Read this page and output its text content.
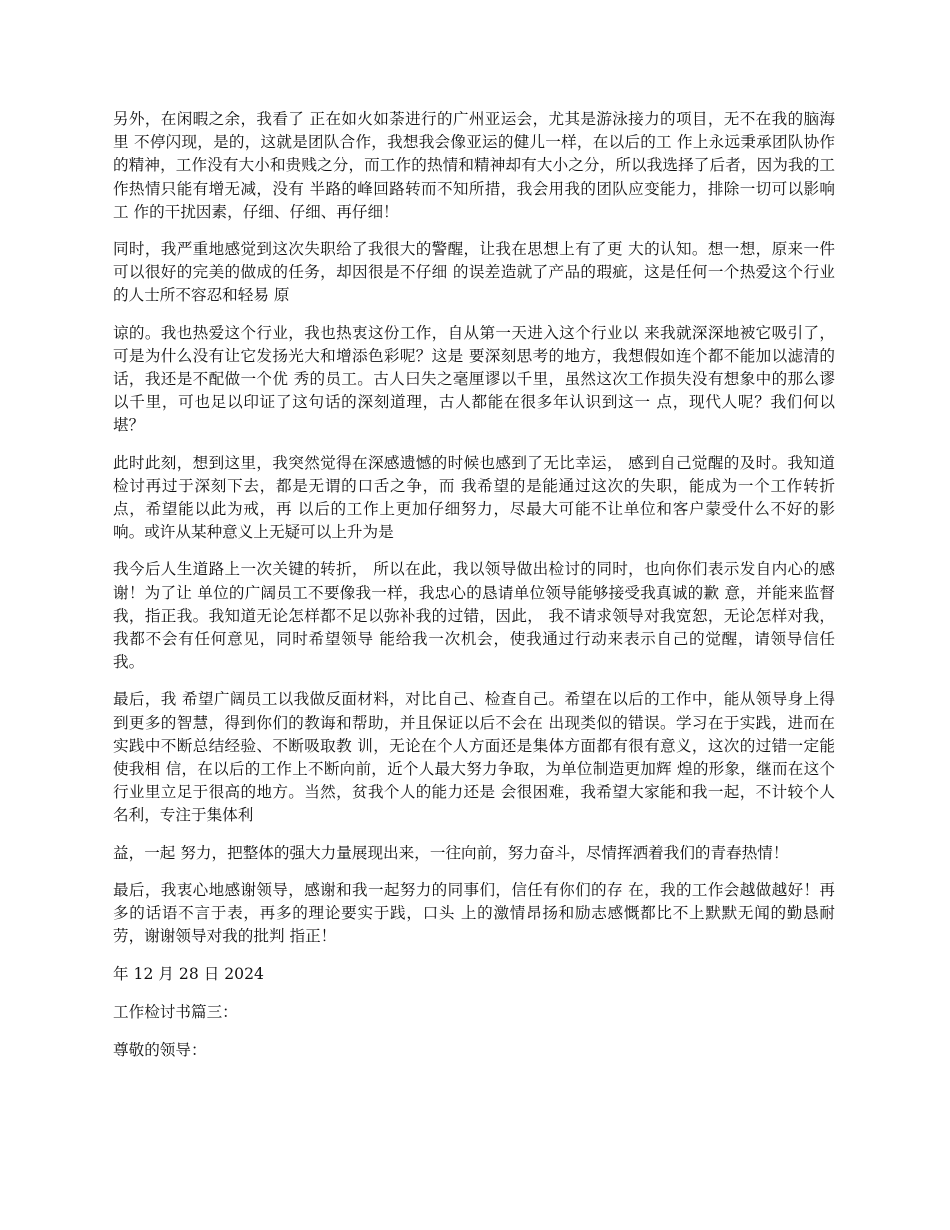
另外，在闲暇之余，我看了 正在如火如荼进行的广州亚运会，尤其是游泳接力的项目，无不在我的脑海里 不停闪现，是的，这就是团队合作，我想我会像亚运的健儿一样，在以后的工 作上永远秉承团队协作的精神，工作没有大小和贵贱之分，而工作的热情和精神却有大小之分，所以我选择了后者，因为我的工作热情只能有增无减，没有 半路的峰回路转而不知所措，我会用我的团队应变能力，排除一切可以影响工 作的干扰因素，仔细、仔细、再仔细！

同时，我严重地感觉到这次失职给了我很大的警醒，让我在思想上有了更 大的认知。想一想，原来一件可以很好的完美的做成的任务，却因很是不仔细 的误差造就了产品的瑕疵，这是任何一个热爱这个行业的人士所不容忍和轻易 原

谅的。我也热爱这个行业，我也热衷这份工作，自从第一天进入这个行业以 来我就深深地被它吸引了，可是为什么没有让它发扬光大和增添色彩呢？这是 要深刻思考的地方，我想假如连个都不能加以滤清的话，我还是不配做一个优 秀的员工。古人曰失之毫厘谬以千里，虽然这次工作损失没有想象中的那么谬 以千里，可也足以印证了这句话的深刻道理，古人都能在很多年认识到这一 点，现代人呢？我们何以堪？

此时此刻，想到这里，我突然觉得在深感遗憾的时候也感到了无比幸运， 感到自己觉醒的及时。我知道检讨再过于深刻下去，都是无谓的口舌之争，而 我希望的是能通过这次的失职，能成为一个工作转折点，希望能以此为戒，再 以后的工作上更加仔细努力，尽最大可能不让单位和客户蒙受什么不好的影 响。或许从某种意义上无疑可以上升为是

我今后人生道路上一次关键的转折， 所以在此，我以领导做出检讨的同时，也向你们表示发自内心的感谢！为了让 单位的广阔员工不要像我一样，我忠心的恳请单位领导能够接受我真诚的歉 意，并能来监督我，指正我。我知道无论怎样都不足以弥补我的过错，因此， 我不请求领导对我宽恕，无论怎样对我，我都不会有任何意见，同时希望领导 能给我一次机会，使我通过行动来表示自己的觉醒，请领导信任我。

最后，我 希望广阔员工以我做反面材料，对比自己、检查自己。希望在以后的工作中，能从领导身上得到更多的智慧，得到你们的教诲和帮助，并且保证以后不会在 出现类似的错误。学习在于实践，进而在实践中不断总结经验、不断吸取教 训，无论在个人方面还是集体方面都有很有意义，这次的过错一定能使我相 信，在以后的工作上不断向前，近个人最大努力争取，为单位制造更加辉 煌的形象，继而在这个行业里立足于很高的地方。当然，贫我个人的能力还是 会很困难，我希望大家能和我一起，不计较个人名利，专注于集体利

益，一起 努力，把整体的强大力量展现出来，一往向前，努力奋斗，尽情挥洒着我们的青春热情！

最后，我衷心地感谢领导，感谢和我一起努力的同事们，信任有你们的存 在，我的工作会越做越好！再多的话语不言于表，再多的理论要实于践，口头 上的激情昂扬和励志感慨都比不上默默无闻的勤恳耐劳，谢谢领导对我的批判 指正！

年 12 月 28 日 2024

工作检讨书篇三：

尊敬的领导：
